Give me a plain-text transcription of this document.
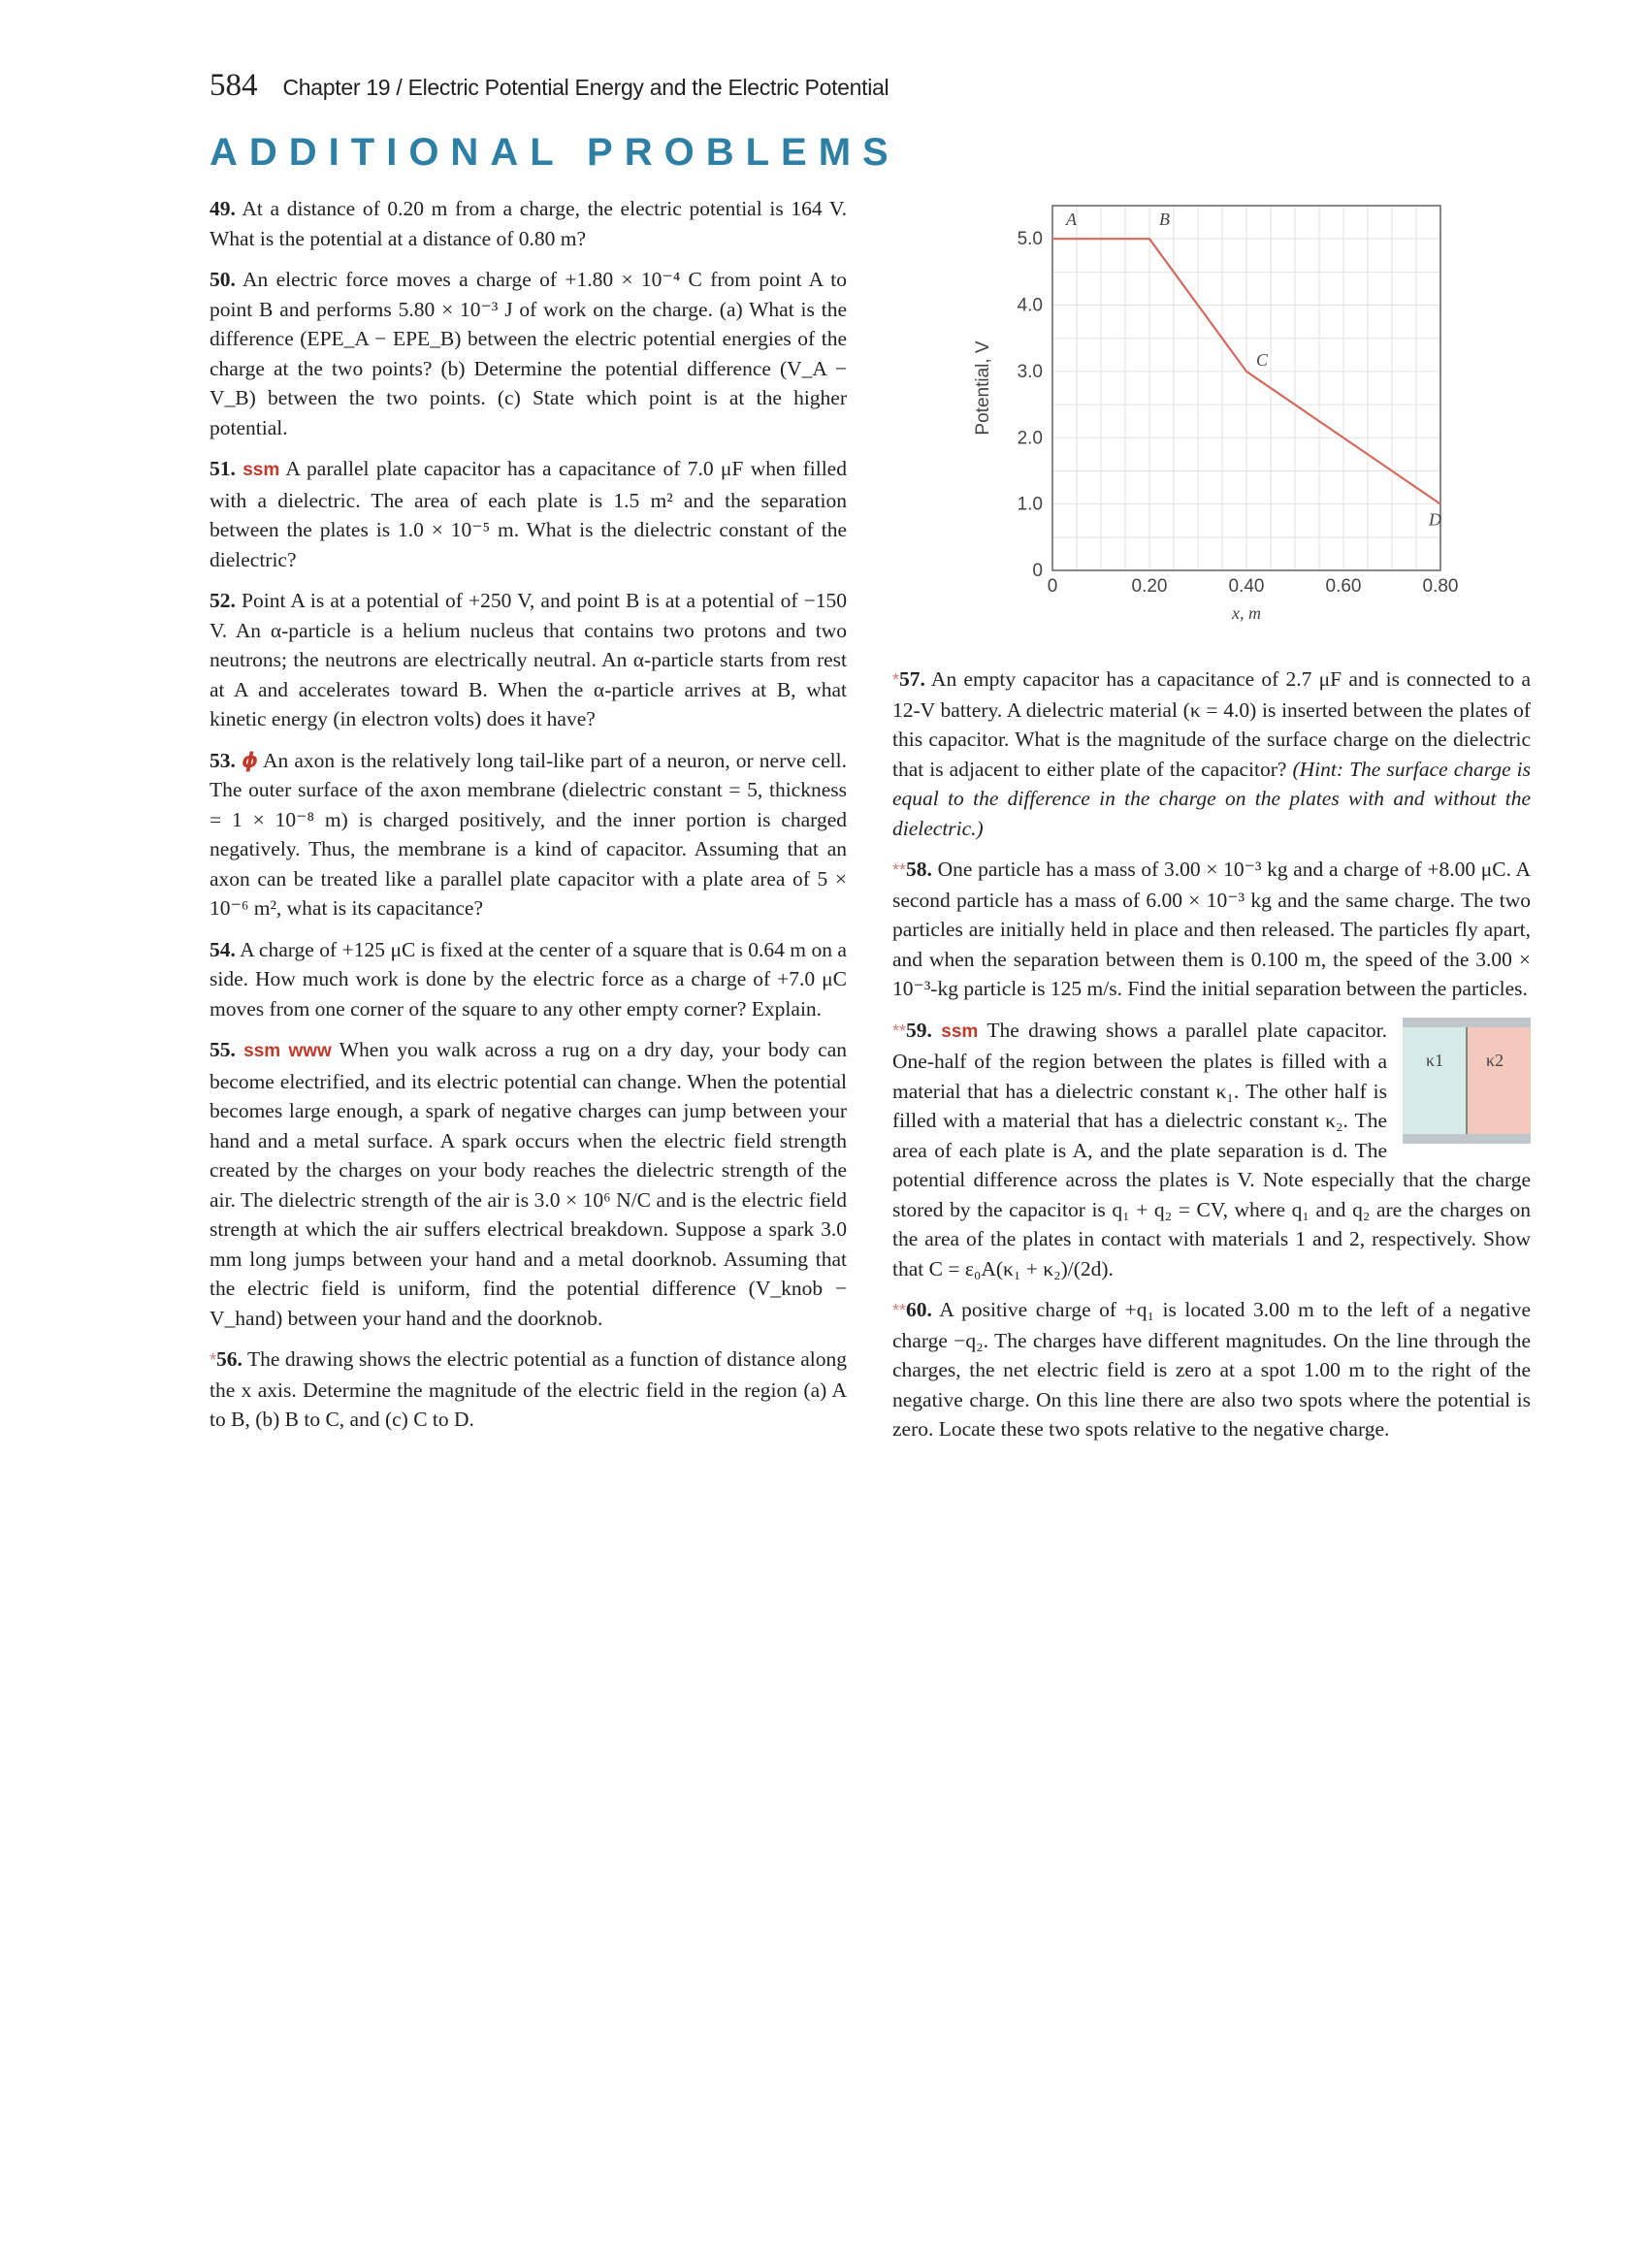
584 Chapter 19 / Electric Potential Energy and the Electric Potential
ADDITIONAL PROBLEMS
0
1.0
2.0
3.0
4.0
5.0
0	0.20	0.40	0.60	0.80
x, m
Potential, V
A	B
C
D

49. At a distance of 0.20 m from a charge, the electric potential is 164 V. What is the potential at a distance of 0.80 m?

50. An electric force moves a charge of +1.80 × 10⁻⁴ C from point A to point B and performs 5.80 × 10⁻³ J of work on the charge. (a) What is the difference (EPE_A − EPE_B) between the electric potential energies of the charge at the two points? (b) Determine the potential difference (V_A − V_B) between the two points. (c) State which point is at the higher potential.

51. ssm A parallel plate capacitor has a capacitance of 7.0 μF when filled with a dielectric. The area of each plate is 1.5 m² and the separation between the plates is 1.0 × 10⁻⁵ m. What is the dielectric constant of the dielectric?

52. Point A is at a potential of +250 V, and point B is at a potential of −150 V. An α-particle is a helium nucleus that contains two protons and two neutrons; the neutrons are electrically neutral. An α-particle starts from rest at A and accelerates toward B. When the α-particle arrives at B, what kinetic energy (in electron volts) does it have?

53. 𝟇 An axon is the relatively long tail-like part of a neuron, or nerve cell. The outer surface of the axon membrane (dielectric constant = 5, thickness = 1 × 10⁻⁸ m) is charged positively, and the inner portion is charged negatively. Thus, the membrane is a kind of capacitor. Assuming that an axon can be treated like a parallel plate capacitor with a plate area of 5 × 10⁻⁶ m², what is its capacitance?

54. A charge of +125 μC is fixed at the center of a square that is 0.64 m on a side. How much work is done by the electric force as a charge of +7.0 μC moves from one corner of the square to any other empty corner? Explain.

55. ssm www When you walk across a rug on a dry day, your body can become electrified, and its electric potential can change. When the potential becomes large enough, a spark of negative charges can jump between your hand and a metal surface. A spark occurs when the electric field strength created by the charges on your body reaches the dielectric strength of the air. The dielectric strength of the air is 3.0 × 10⁶ N/C and is the electric field strength at which the air suffers electrical breakdown. Suppose a spark 3.0 mm long jumps between your hand and a metal doorknob. Assuming that the electric field is uniform, find the potential difference (V_knob − V_hand) between your hand and the doorknob.

*56. The drawing shows the electric potential as a function of distance along the x axis. Determine the magnitude of the electric field in the region (a) A to B, (b) B to C, and (c) C to D.

*57. An empty capacitor has a capacitance of 2.7 μF and is connected to a 12-V battery. A dielectric material (κ = 4.0) is inserted between the plates of this capacitor. What is the magnitude of the surface charge on the dielectric that is adjacent to either plate of the capacitor? (Hint: The surface charge is equal to the difference in the charge on the plates with and without the dielectric.)

**58. One particle has a mass of 3.00 × 10⁻³ kg and a charge of +8.00 μC. A second particle has a mass of 6.00 × 10⁻³ kg and the same charge. The two particles are initially held in place and then released. The particles fly apart, and when the separation between them is 0.100 m, the speed of the 3.00 × 10⁻³-kg particle is 125 m/s. Find the initial separation between the particles.

κ1 κ2
**59. ssm The drawing shows a parallel plate capacitor. One-half of the region between the plates is filled with a material that has a dielectric constant κ₁. The other half is filled with a material that has a dielectric constant κ₂. The area of each plate is A, and the plate separation is d. The potential difference across the plates is V. Note especially that the charge stored by the capacitor is q₁ + q₂ = CV, where q₁ and q₂ are the charges on the area of the plates in contact with materials 1 and 2, respectively. Show that C = ε₀A(κ₁ + κ₂)/(2d).

**60. A positive charge of +q₁ is located 3.00 m to the left of a negative charge −q₂. The charges have different magnitudes. On the line through the charges, the net electric field is zero at a spot 1.00 m to the right of the negative charge. On this line there are also two spots where the potential is zero. Locate these two spots relative to the negative charge.
